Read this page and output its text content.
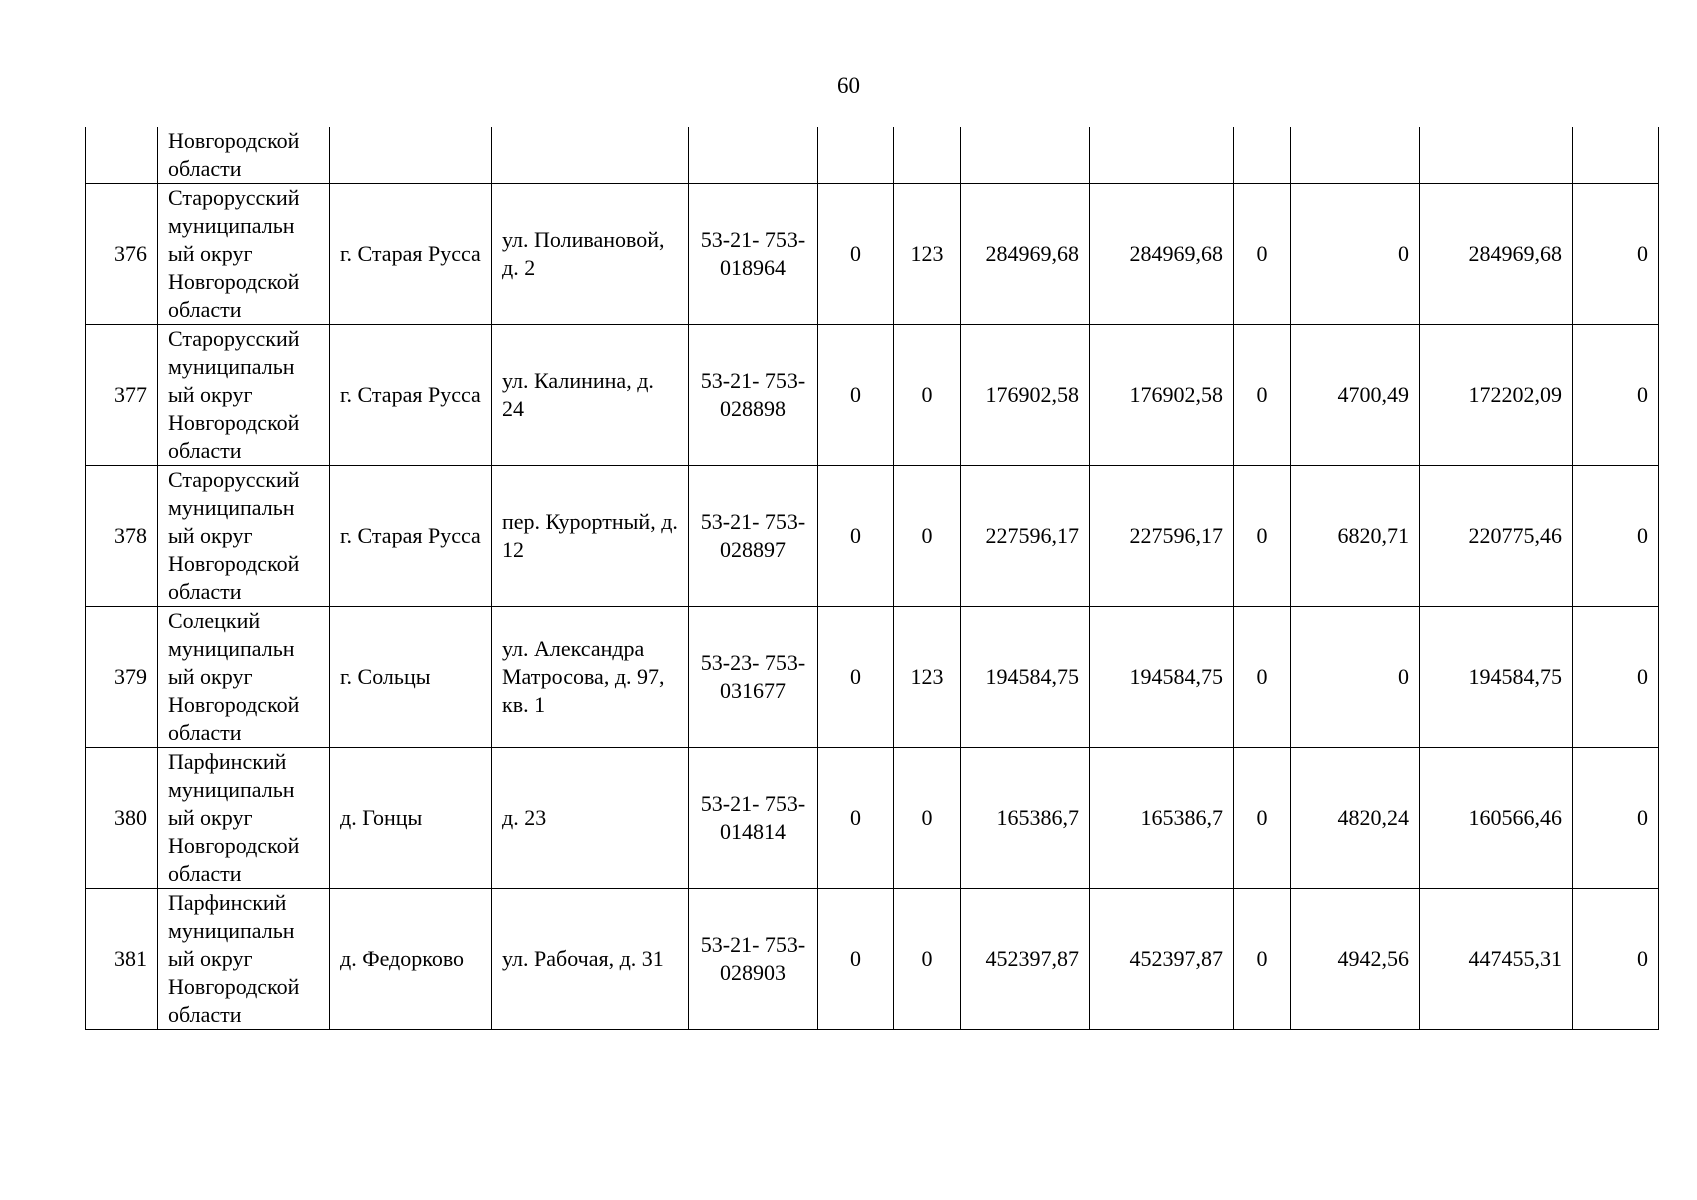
60
	Новгородской области											
376	Старорусский муниципальн ый округ Новгородской области	г. Старая Русса	ул. Поливановой, д. 2	53-21- 753- 018964	0	123	284969,68	284969,68	0	0	284969,68	0
377	Старорусский муниципальн ый округ Новгородской области	г. Старая Русса	ул. Калинина, д. 24	53-21- 753- 028898	0	0	176902,58	176902,58	0	4700,49	172202,09	0
378	Старорусский муниципальн ый округ Новгородской области	г. Старая Русса	пер. Курортный, д. 12	53-21- 753- 028897	0	0	227596,17	227596,17	0	6820,71	220775,46	0
379	Солецкий муниципальн ый округ Новгородской области	г. Сольцы	ул. Александра Матросова, д. 97, кв. 1	53-23- 753- 031677	0	123	194584,75	194584,75	0	0	194584,75	0
380	Парфинский муниципальн ый округ Новгородской области	д. Гонцы	д. 23	53-21- 753- 014814	0	0	165386,7	165386,7	0	4820,24	160566,46	0
381	Парфинский муниципальн ый округ Новгородской области	д. Федорково	ул. Рабочая, д. 31	53-21- 753- 028903	0	0	452397,87	452397,87	0	4942,56	447455,31	0
